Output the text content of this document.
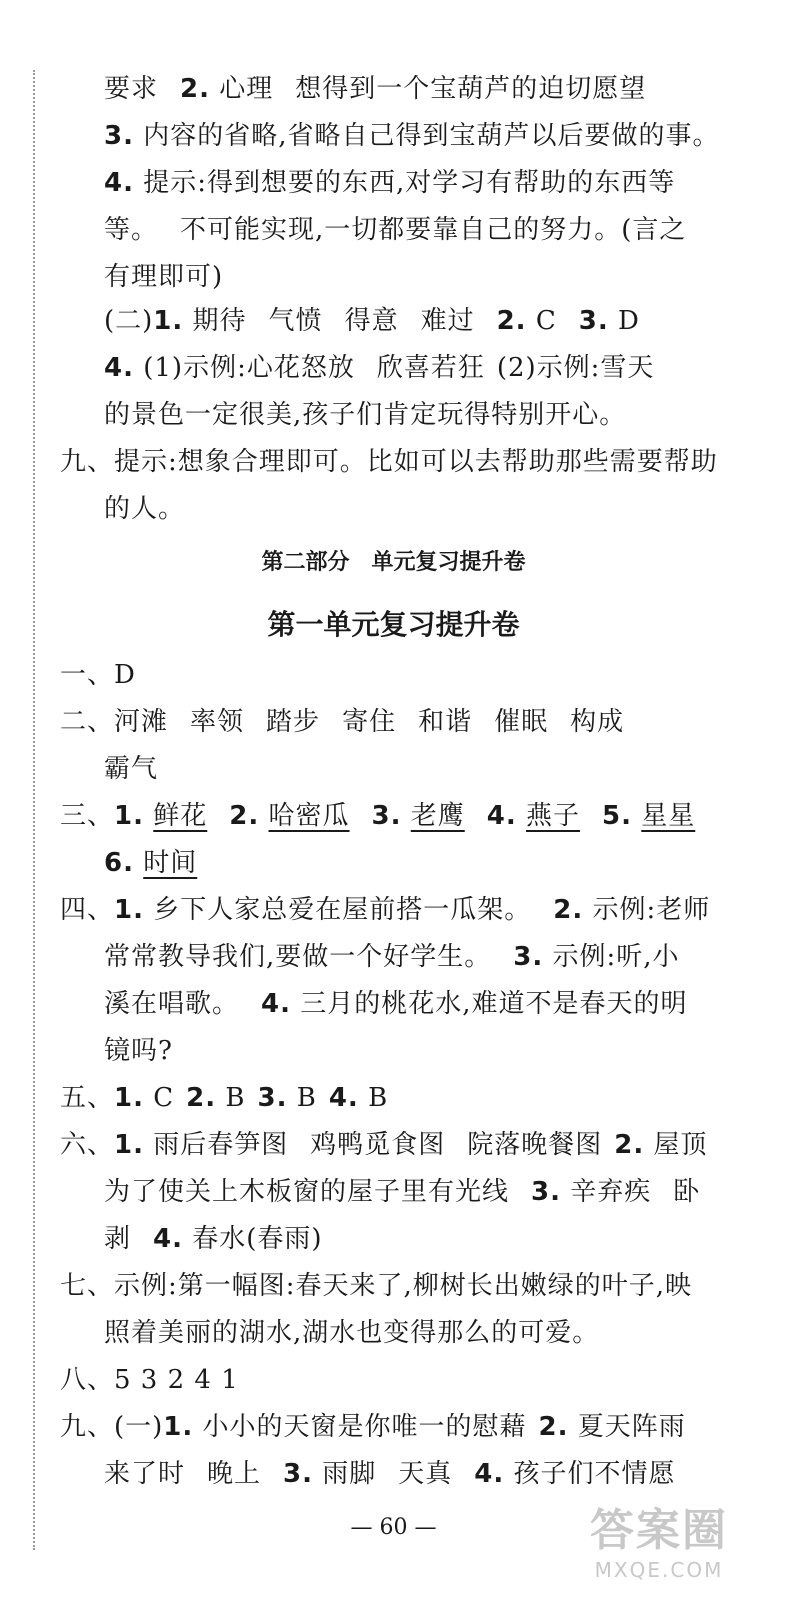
要求 2. 心理 想得到一个宝葫芦的迫切愿望
3. 内容的省略,省略自己得到宝葫芦以后要做的事。
4. 提示:得到想要的东西,对学习有帮助的东西等
等。 不可能实现,一切都要靠自己的努力。(言之
有理即可)
(二)1. 期待 气愤 得意 难过 2. C 3. D
4. (1)示例:心花怒放 欣喜若狂 (2)示例:雪天
的景色一定很美,孩子们肯定玩得特别开心。
九、提示:想象合理即可。比如可以去帮助那些需要帮助
的人。
第二部分　单元复习提升卷
第一单元复习提升卷
一、D
二、河滩 率领 踏步 寄住 和谐 催眠 构成
霸气
三、1. 鲜花 2. 哈密瓜 3. 老鹰 4. 燕子 5. 星星
6. 时间
四、1. 乡下人家总爱在屋前搭一瓜架。 2. 示例:老师
常常教导我们,要做一个好学生。 3. 示例:听,小
溪在唱歌。 4. 三月的桃花水,难道不是春天的明
镜吗?
五、1. C 2. B 3. B 4. B
六、1. 雨后春笋图 鸡鸭觅食图 院落晚餐图 2. 屋顶
为了使关上木板窗的屋子里有光线 3. 辛弃疾 卧
剥 4. 春水(春雨)
七、示例:第一幅图:春天来了,柳树长出嫩绿的叶子,映
照着美丽的湖水,湖水也变得那么的可爱。
八、5 3 2 4 1
九、(一)1. 小小的天窗是你唯一的慰藉 2. 夏天阵雨
来了时 晚上 3. 雨脚 天真 4. 孩子们不情愿
— 60 —	答案圈
MXQE.COM
